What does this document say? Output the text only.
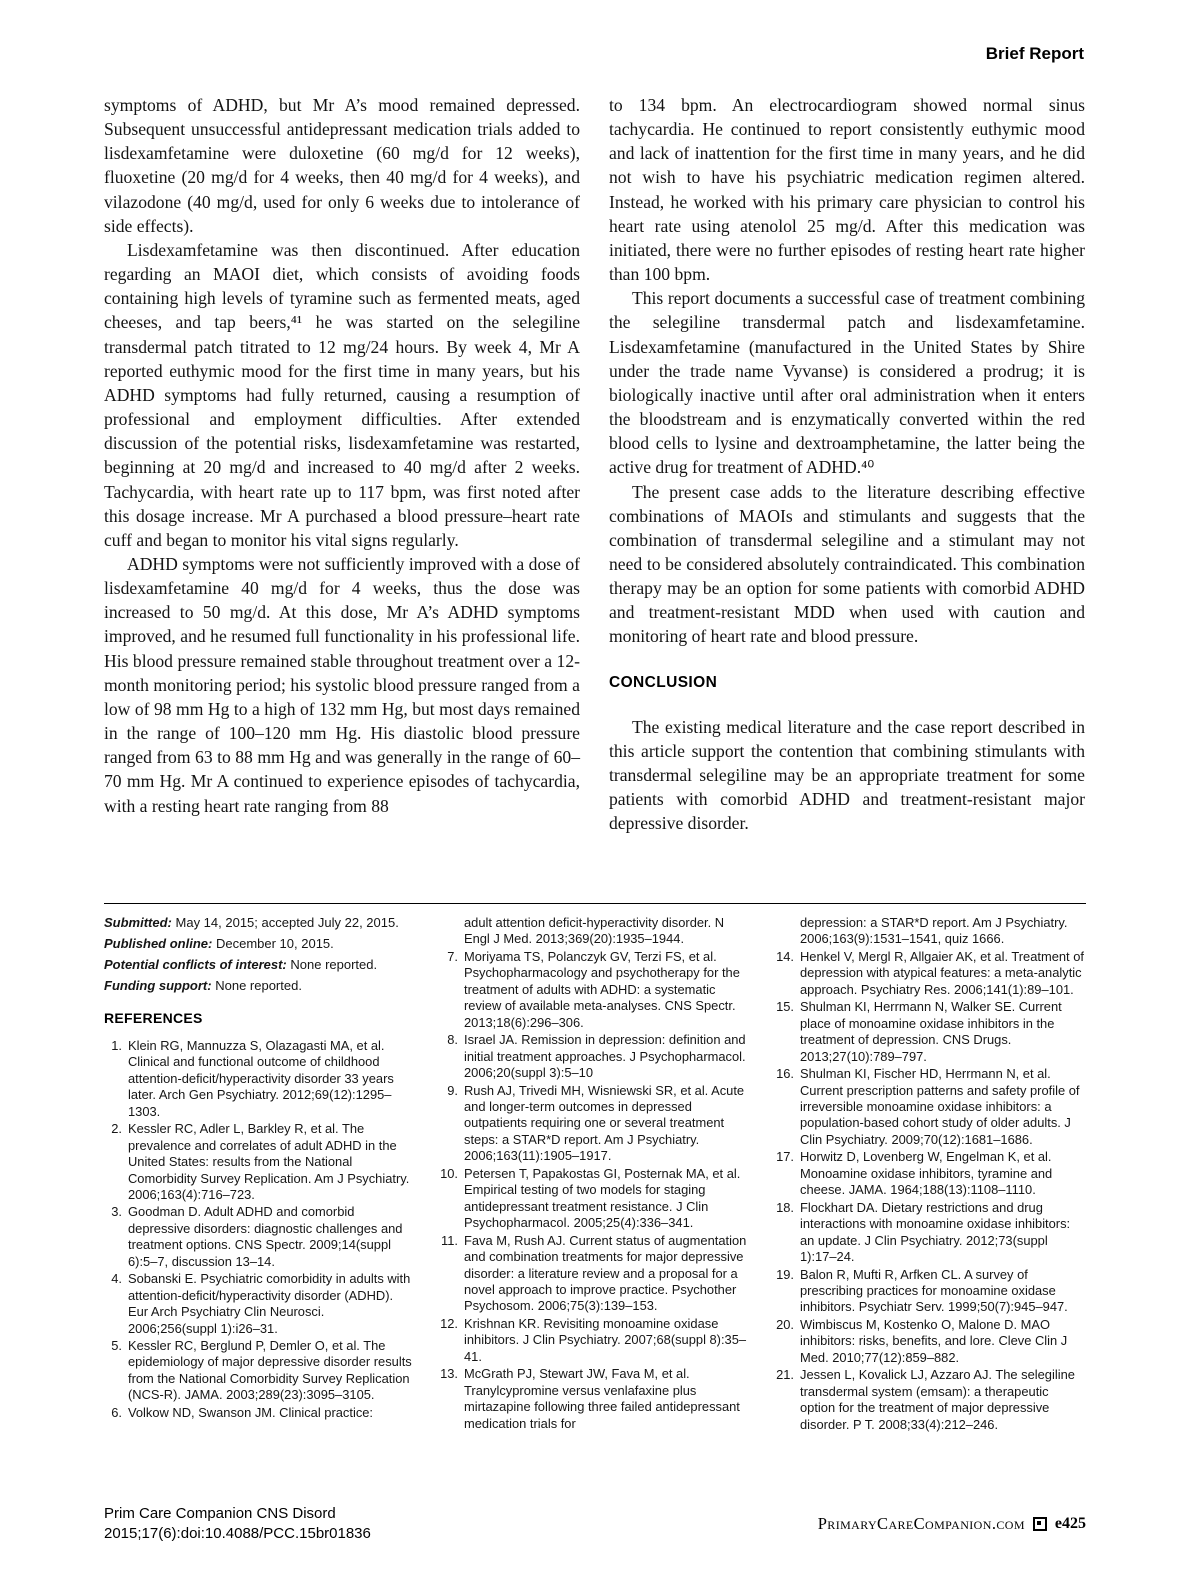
Brief Report

symptoms of ADHD, but Mr A’s mood remained depressed. Subsequent unsuccessful antidepressant medication trials added to lisdexamfetamine were duloxetine (60 mg/d for 12 weeks), fluoxetine (20 mg/d for 4 weeks, then 40 mg/d for 4 weeks), and vilazodone (40 mg/d, used for only 6 weeks due to intolerance of side effects).

Lisdexamfetamine was then discontinued. After education regarding an MAOI diet, which consists of avoiding foods containing high levels of tyramine such as fermented meats, aged cheeses, and tap beers,⁴¹ he was started on the selegiline transdermal patch titrated to 12 mg/24 hours. By week 4, Mr A reported euthymic mood for the first time in many years, but his ADHD symptoms had fully returned, causing a resumption of professional and employment difficulties. After extended discussion of the potential risks, lisdexamfetamine was restarted, beginning at 20 mg/d and increased to 40 mg/d after 2 weeks. Tachycardia, with heart rate up to 117 bpm, was first noted after this dosage increase. Mr A purchased a blood pressure–heart rate cuff and began to monitor his vital signs regularly.

ADHD symptoms were not sufficiently improved with a dose of lisdexamfetamine 40 mg/d for 4 weeks, thus the dose was increased to 50 mg/d. At this dose, Mr A’s ADHD symptoms improved, and he resumed full functionality in his professional life. His blood pressure remained stable throughout treatment over a 12-month monitoring period; his systolic blood pressure ranged from a low of 98 mm Hg to a high of 132 mm Hg, but most days remained in the range of 100–120 mm Hg. His diastolic blood pressure ranged from 63 to 88 mm Hg and was generally in the range of 60–70 mm Hg. Mr A continued to experience episodes of tachycardia, with a resting heart rate ranging from 88

to 134 bpm. An electrocardiogram showed normal sinus tachycardia. He continued to report consistently euthymic mood and lack of inattention for the first time in many years, and he did not wish to have his psychiatric medication regimen altered. Instead, he worked with his primary care physician to control his heart rate using atenolol 25 mg/d. After this medication was initiated, there were no further episodes of resting heart rate higher than 100 bpm.

This report documents a successful case of treatment combining the selegiline transdermal patch and lisdexamfetamine. Lisdexamfetamine (manufactured in the United States by Shire under the trade name Vyvanse) is considered a prodrug; it is biologically inactive until after oral administration when it enters the bloodstream and is enzymatically converted within the red blood cells to lysine and dextroamphetamine, the latter being the active drug for treatment of ADHD.⁴⁰

The present case adds to the literature describing effective combinations of MAOIs and stimulants and suggests that the combination of transdermal selegiline and a stimulant may not need to be considered absolutely contraindicated. This combination therapy may be an option for some patients with comorbid ADHD and treatment-resistant MDD when used with caution and monitoring of heart rate and blood pressure.

CONCLUSION

The existing medical literature and the case report described in this article support the contention that combining stimulants with transdermal selegiline may be an appropriate treatment for some patients with comorbid ADHD and treatment-resistant major depressive disorder.

Submitted: May 14, 2015; accepted July 22, 2015.

Published online: December 10, 2015.

Potential conflicts of interest: None reported.

Funding support: None reported.

REFERENCES
1. Klein RG, Mannuzza S, Olazagasti MA, et al. Clinical and functional outcome of childhood attention-deficit/hyperactivity disorder 33 years later. Arch Gen Psychiatry. 2012;69(12):1295–1303.
2. Kessler RC, Adler L, Barkley R, et al. The prevalence and correlates of adult ADHD in the United States: results from the National Comorbidity Survey Replication. Am J Psychiatry. 2006;163(4):716–723.
3. Goodman D. Adult ADHD and comorbid depressive disorders: diagnostic challenges and treatment options. CNS Spectr. 2009;14(suppl 6):5–7, discussion 13–14.
4. Sobanski E. Psychiatric comorbidity in adults with attention-deficit/hyperactivity disorder (ADHD). Eur Arch Psychiatry Clin Neurosci. 2006;256(suppl 1):i26–31.
5. Kessler RC, Berglund P, Demler O, et al. The epidemiology of major depressive disorder results from the National Comorbidity Survey Replication (NCS-R). JAMA. 2003;289(23):3095–3105.
6. Volkow ND, Swanson JM. Clinical practice:
adult attention deficit-hyperactivity disorder. N Engl J Med. 2013;369(20):1935–1944.
7. Moriyama TS, Polanczyk GV, Terzi FS, et al. Psychopharmacology and psychotherapy for the treatment of adults with ADHD: a systematic review of available meta-analyses. CNS Spectr. 2013;18(6):296–306.
8. Israel JA. Remission in depression: definition and initial treatment approaches. J Psychopharmacol. 2006;20(suppl 3):5–10
9. Rush AJ, Trivedi MH, Wisniewski SR, et al. Acute and longer-term outcomes in depressed outpatients requiring one or several treatment steps: a STAR*D report. Am J Psychiatry. 2006;163(11):1905–1917.
10. Petersen T, Papakostas GI, Posternak MA, et al. Empirical testing of two models for staging antidepressant treatment resistance. J Clin Psychopharmacol. 2005;25(4):336–341.
11. Fava M, Rush AJ. Current status of augmentation and combination treatments for major depressive disorder: a literature review and a proposal for a novel approach to improve practice. Psychother Psychosom. 2006;75(3):139–153.
12. Krishnan KR. Revisiting monoamine oxidase inhibitors. J Clin Psychiatry. 2007;68(suppl 8):35–41.
13. McGrath PJ, Stewart JW, Fava M, et al. Tranylcypromine versus venlafaxine plus mirtazapine following three failed antidepressant medication trials for
depression: a STAR*D report. Am J Psychiatry. 2006;163(9):1531–1541, quiz 1666.
14. Henkel V, Mergl R, Allgaier AK, et al. Treatment of depression with atypical features: a meta-analytic approach. Psychiatry Res. 2006;141(1):89–101.
15. Shulman KI, Herrmann N, Walker SE. Current place of monoamine oxidase inhibitors in the treatment of depression. CNS Drugs. 2013;27(10):789–797.
16. Shulman KI, Fischer HD, Herrmann N, et al. Current prescription patterns and safety profile of irreversible monoamine oxidase inhibitors: a population-based cohort study of older adults. J Clin Psychiatry. 2009;70(12):1681–1686.
17. Horwitz D, Lovenberg W, Engelman K, et al. Monoamine oxidase inhibitors, tyramine and cheese. JAMA. 1964;188(13):1108–1110.
18. Flockhart DA. Dietary restrictions and drug interactions with monoamine oxidase inhibitors: an update. J Clin Psychiatry. 2012;73(suppl 1):17–24.
19. Balon R, Mufti R, Arfken CL. A survey of prescribing practices for monoamine oxidase inhibitors. Psychiatr Serv. 1999;50(7):945–947.
20. Wimbiscus M, Kostenko O, Malone D. MAO inhibitors: risks, benefits, and lore. Cleve Clin J Med. 2010;77(12):859–882.
21. Jessen L, Kovalick LJ, Azzaro AJ. The selegiline transdermal system (emsam): a therapeutic option for the treatment of major depressive disorder. P T. 2008;33(4):212–246.
Prim Care Companion CNS Disord
2015;17(6):doi:10.4088/PCC.15br01836
PrimaryCareCompanion.com e425
